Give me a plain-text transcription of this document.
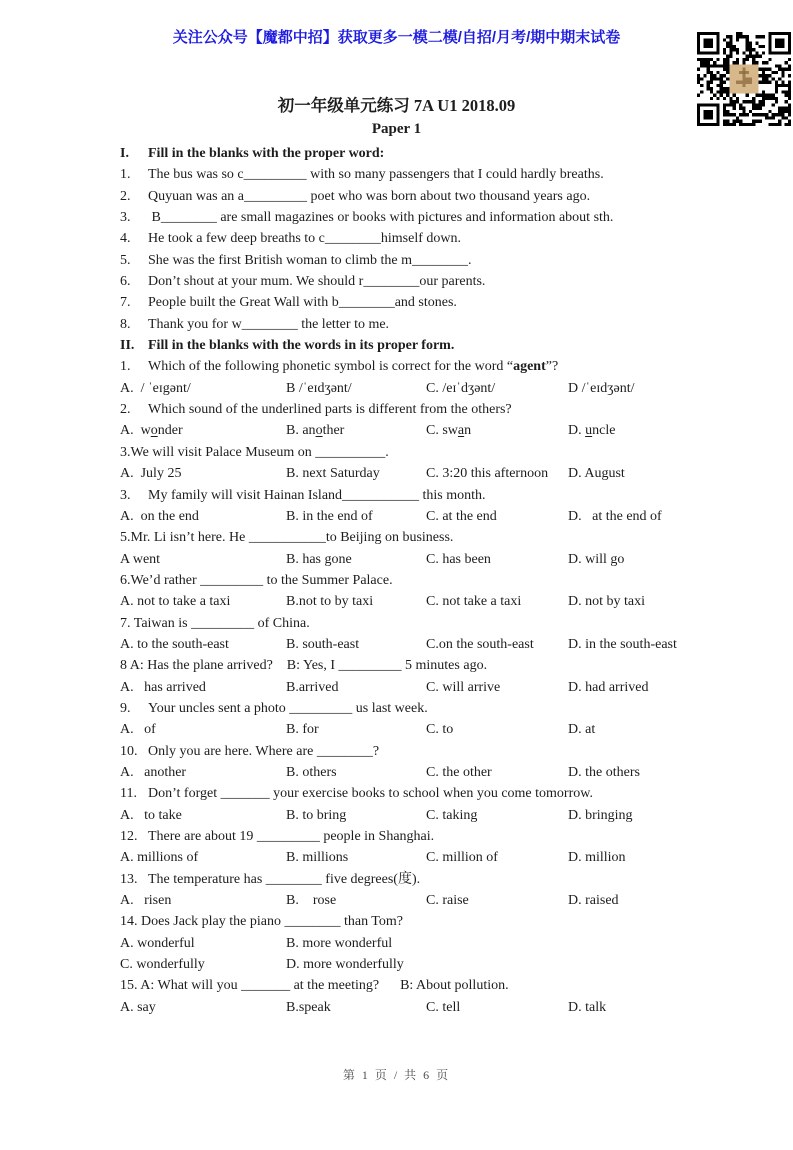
关注公众号【魔都中招】获取更多一模二模/自招/月考/期中期末试卷
初一年级单元练习 7A U1 2018.09
Paper 1
I. Fill in the blanks with the proper word:
1. The bus was so c_________ with so many passengers that I could hardly breaths.
2. Quyuan was an a_________ poet who was born about two thousand years ago.
3. B________ are small magazines or books with pictures and information about sth.
4. He took a few deep breaths to c________himself down.
5. She was the first British woman to climb the m________.
6. Don’t shout at your mum. We should r________our parents.
7. People built the Great Wall with b________and stones.
8. Thank you for w________ the letter to me.
II. Fill in the blanks with the words in its proper form.
1. Which of the following phonetic symbol is correct for the word “agent”?
A.  / ˈeɪgənt/	B /ˈeɪdʒənt/	C. /eɪˈdʒənt/	D /ˈeɪdʒənt/
2. Which sound of the underlined parts is different from the others?
A.  wonder	B. another	C. swan	D. uncle
3.We will visit Palace Museum on __________.
A.  July 25	B. next Saturday	C. 3:20 this afternoon D. August
3. My family will visit Hainan Island___________ this month.
A.  on the end	B. in the end of	C. at the end	D.   at the end of
5.Mr. Li isn’t here. He ___________to Beijing on business.
A went	B. has gone	C. has been	D. will go
6.We’d rather _________ to the Summer Palace.
A. not to take a taxi	B.not to by taxi	C. not take a taxi	D. not by taxi
7. Taiwan is _________ of China.
A. to the south-east	B. south-east	C.on the south-east D. in the south-east
8 A: Has the plane arrived?    B: Yes, I _________ 5 minutes ago.
A.   has arrived	B.arrived	C. will arrive	D. had arrived
9. Your uncles sent a photo _________ us last week.
A.   of	B. for	C. to	D. at
10. Only you are here. Where are ________?
A.   another	B. others	C. the other	D. the others
11. Don’t forget _______ your exercise books to school when you come tomorrow.
A.   to take	B. to bring	C. taking	D. bringing
12. There are about 19 _________ people in Shanghai.
A. millions of	B. millions	C. million of	D. million
13. The temperature has ________ five degrees(度).
A.   risen	B.    rose	C. raise	D. raised
14. Does Jack play the piano ________ than Tom?
A. wonderful	B. more wonderful
C. wonderfully	D. more wonderfully
15. A: What will you _______ at the meeting?      B: About pollution.
A. say	B.speak	C. tell	D. talk
第 1 页 / 共 6 页
